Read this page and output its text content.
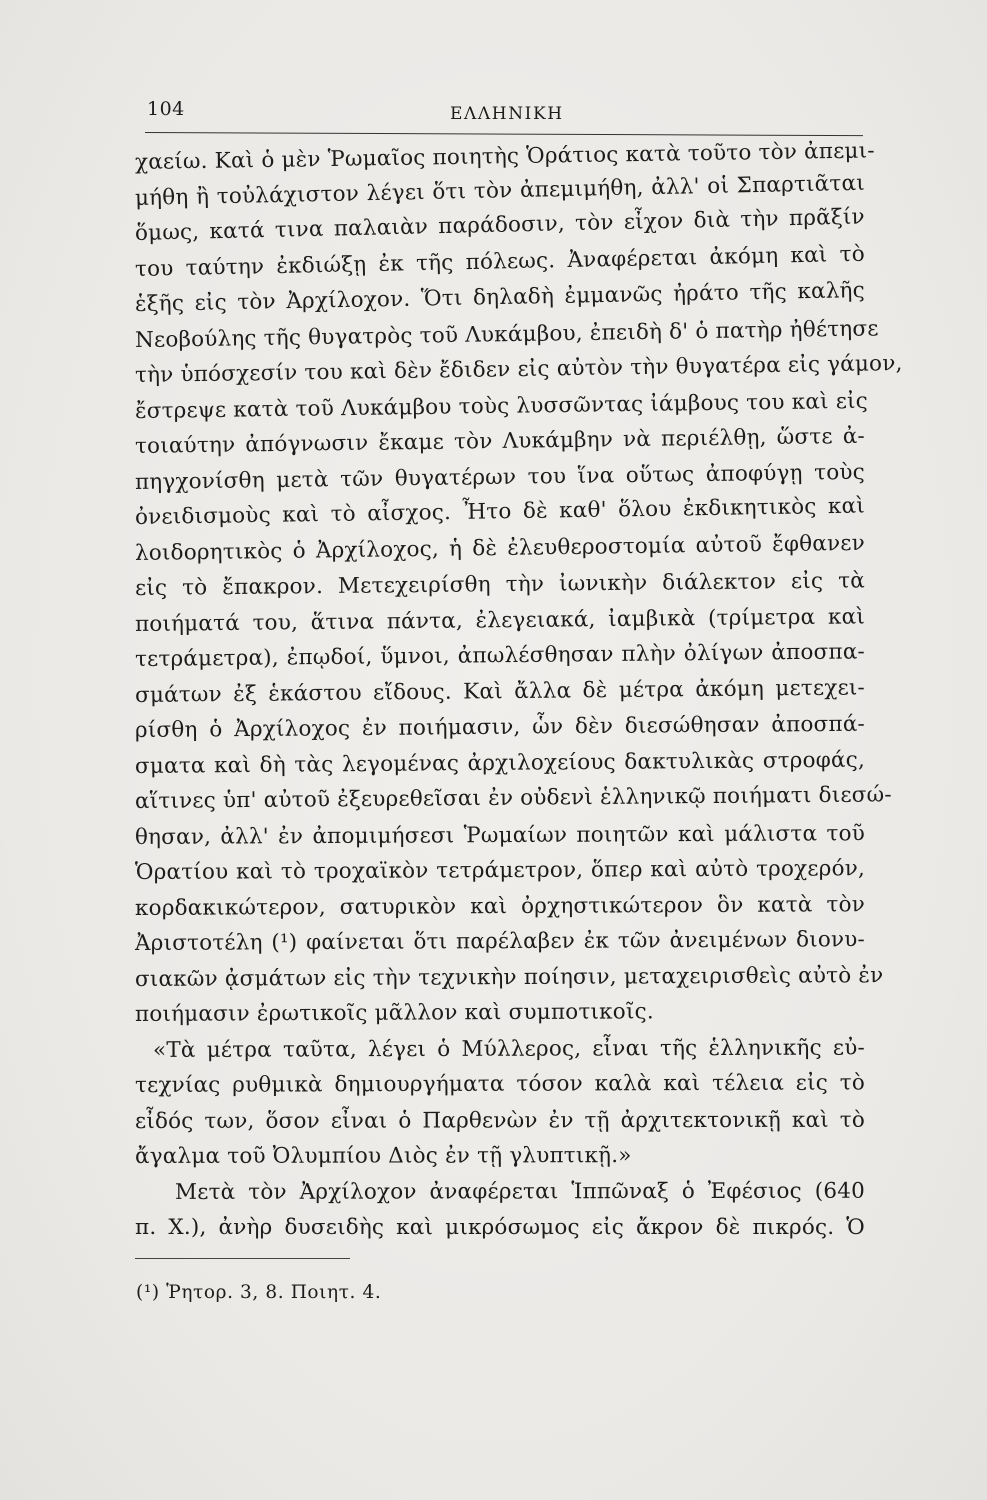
104	ΕΛΛΗΝΙΚΗ
χαείω. Καὶ ὁ μὲν Ῥωμαῖος ποιητὴς Ὁράτιος κατὰ τοῦτο τὸν ἀπεμι-
μήθη ἢ τοὐλάχιστον λέγει ὅτι τὸν ἀπεμιμήθη, ἀλλ' οἱ Σπαρτιᾶται
ὅμως, κατά τινα παλαιὰν παράδοσιν, τὸν εἶχον διὰ τὴν πρᾶξίν
του ταύτην ἐκδιώξῃ ἐκ τῆς πόλεως. Ἀναφέρεται ἀκόμη καὶ τὸ
ἑξῆς εἰς τὸν Ἀρχίλοχον. Ὅτι δηλαδὴ ἐμμανῶς ἠράτο τῆς καλῆς
Νεοβούλης τῆς θυγατρὸς τοῦ Λυκάμβου, ἐπειδὴ δ' ὁ πατὴρ ἠθέτησε
τὴν ὑπόσχεσίν του καὶ δὲν ἔδιδεν εἰς αὐτὸν τὴν θυγατέρα εἰς γάμον,
ἔστρεψε κατὰ τοῦ Λυκάμβου τοὺς λυσσῶντας ἰάμβους του καὶ εἰς
τοιαύτην ἀπόγνωσιν ἔκαμε τὸν Λυκάμβην νὰ περιέλθῃ, ὥστε ἀ-
πηγχονίσθη μετὰ τῶν θυγατέρων του ἵνα οὕτως ἀποφύγῃ τοὺς
ὀνειδισμοὺς καὶ τὸ αἶσχος. Ἦτο δὲ καθ' ὅλου ἐκδικητικὸς καὶ
λοιδορητικὸς ὁ Ἀρχίλοχος, ἡ δὲ ἐλευθεροστομία αὐτοῦ ἔφθανεν
εἰς τὸ ἔπακρον. Μετεχειρίσθη τὴν ἰωνικὴν διάλεκτον εἰς τὰ
ποιήματά του, ἅτινα πάντα, ἐλεγειακά, ἰαμβικὰ (τρίμετρα καὶ
τετράμετρα), ἐπῳδοί, ὕμνοι, ἀπωλέσθησαν πλὴν ὀλίγων ἀποσπα-
σμάτων ἐξ ἑκάστου εἴδους. Καὶ ἄλλα δὲ μέτρα ἀκόμη μετεχει-
ρίσθη ὁ Ἀρχίλοχος ἐν ποιήμασιν, ὧν δὲν διεσώθησαν ἀποσπά-
σματα καὶ δὴ τὰς λεγομένας ἀρχιλοχείους δακτυλικὰς στροφάς,
αἵτινες ὑπ' αὐτοῦ ἐξευρεθεῖσαι ἐν οὐδενὶ ἑλληνικῷ ποιήματι διεσώ-
θησαν, ἀλλ' ἐν ἀπομιμήσεσι Ῥωμαίων ποιητῶν καὶ μάλιστα τοῦ
Ὁρατίου καὶ τὸ τροχαϊκὸν τετράμετρον, ὅπερ καὶ αὐτὸ τροχερόν,
κορδακικώτερον, σατυρικὸν καὶ ὀρχηστικώτερον ὃν κατὰ τὸν
Ἀριστοτέλη (¹) φαίνεται ὅτι παρέλαβεν ἐκ τῶν ἀνειμένων διονυ-
σιακῶν ᾀσμάτων εἰς τὴν τεχνικὴν ποίησιν, μεταχειρισθεὶς αὐτὸ ἐν
ποιήμασιν ἐρωτικοῖς μᾶλλον καὶ συμποτικοῖς.
«Τὰ μέτρα ταῦτα, λέγει ὁ Μύλλερος, εἶναι τῆς ἑλληνικῆς εὐ-
τεχνίας ρυθμικὰ δημιουργήματα τόσον καλὰ καὶ τέλεια εἰς τὸ
εἶδός των, ὅσον εἶναι ὁ Παρθενὼν ἐν τῇ ἀρχιτεκτονικῇ καὶ τὸ
ἄγαλμα τοῦ Ὀλυμπίου Διὸς ἐν τῇ γλυπτικῇ.»
Μετὰ τὸν Ἀρχίλοχον ἀναφέρεται Ἱππῶναξ ὁ Ἐφέσιος (640
π. Χ.), ἀνὴρ δυσειδὴς καὶ μικρόσωμος εἰς ἄκρον δὲ πικρός. Ὁ
(¹) Ῥητορ. 3, 8. Ποιητ. 4.
